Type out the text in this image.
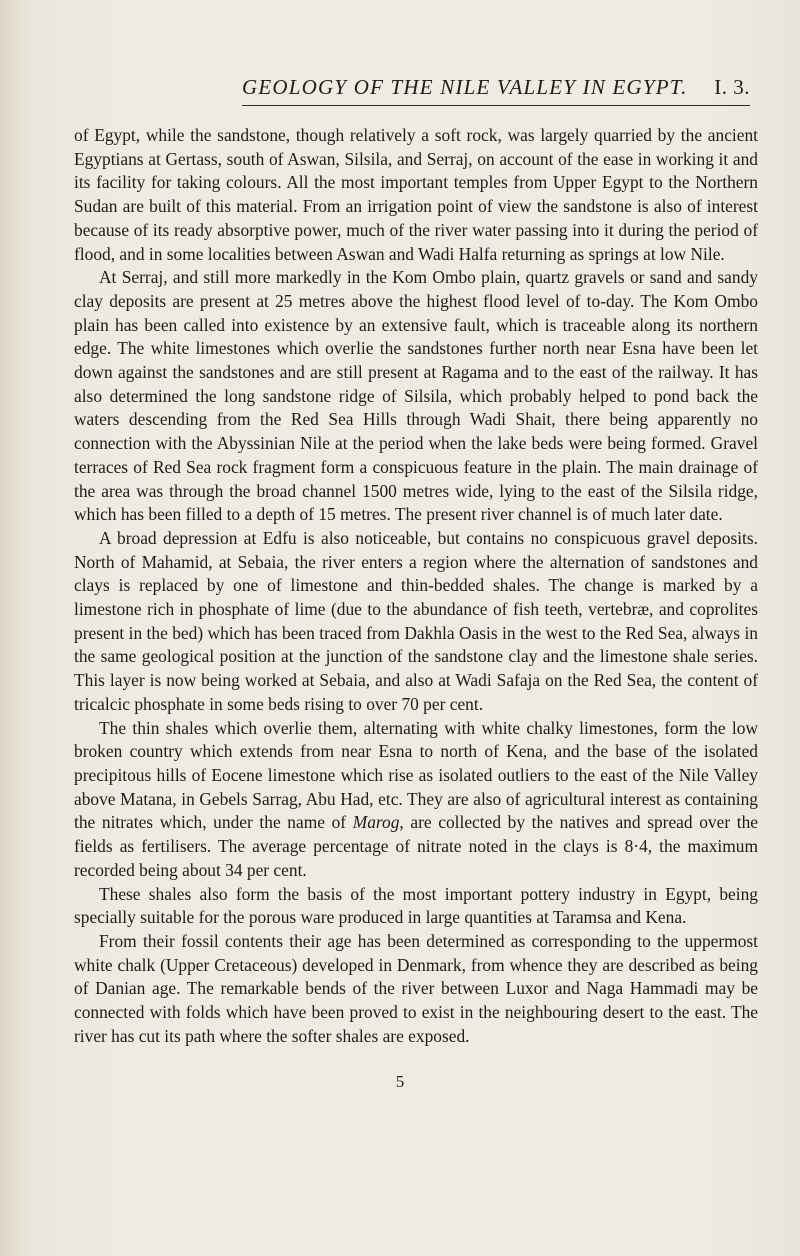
GEOLOGY OF THE NILE VALLEY IN EGYPT. I. 3.

of Egypt, while the sandstone, though relatively a soft rock, was largely quarried by the ancient Egyptians at Gertass, south of Aswan, Silsila, and Serraj, on account of the ease in working it and its facility for taking colours. All the most important temples from Upper Egypt to the Northern Sudan are built of this material. From an irrigation point of view the sandstone is also of interest because of its ready absorptive power, much of the river water passing into it during the period of flood, and in some localities between Aswan and Wadi Halfa returning as springs at low Nile.

At Serraj, and still more markedly in the Kom Ombo plain, quartz gravels or sand and sandy clay deposits are present at 25 metres above the highest flood level of to-day. The Kom Ombo plain has been called into existence by an extensive fault, which is traceable along its northern edge. The white limestones which overlie the sandstones further north near Esna have been let down against the sandstones and are still present at Ragama and to the east of the railway. It has also determined the long sandstone ridge of Silsila, which probably helped to pond back the waters descending from the Red Sea Hills through Wadi Shait, there being apparently no connection with the Abyssinian Nile at the period when the lake beds were being formed. Gravel terraces of Red Sea rock fragment form a conspicuous feature in the plain. The main drainage of the area was through the broad channel 1500 metres wide, lying to the east of the Silsila ridge, which has been filled to a depth of 15 metres. The present river channel is of much later date.

A broad depression at Edfu is also noticeable, but contains no conspicuous gravel deposits. North of Mahamid, at Sebaia, the river enters a region where the alternation of sandstones and clays is replaced by one of limestone and thin-bedded shales. The change is marked by a limestone rich in phosphate of lime (due to the abundance of fish teeth, vertebræ, and coprolites present in the bed) which has been traced from Dakhla Oasis in the west to the Red Sea, always in the same geological position at the junction of the sandstone clay and the limestone shale series. This layer is now being worked at Sebaia, and also at Wadi Safaja on the Red Sea, the content of tricalcic phosphate in some beds rising to over 70 per cent.

The thin shales which overlie them, alternating with white chalky limestones, form the low broken country which extends from near Esna to north of Kena, and the base of the isolated precipitous hills of Eocene limestone which rise as isolated outliers to the east of the Nile Valley above Matana, in Gebels Sarrag, Abu Had, etc. They are also of agricultural interest as containing the nitrates which, under the name of Marog, are collected by the natives and spread over the fields as fertilisers. The average percentage of nitrate noted in the clays is 8·4, the maximum recorded being about 34 per cent.

These shales also form the basis of the most important pottery industry in Egypt, being specially suitable for the porous ware produced in large quantities at Taramsa and Kena.

From their fossil contents their age has been determined as corresponding to the uppermost white chalk (Upper Cretaceous) developed in Denmark, from whence they are described as being of Danian age. The remarkable bends of the river between Luxor and Naga Hammadi may be connected with folds which have been proved to exist in the neighbouring desert to the east. The river has cut its path where the softer shales are exposed.

5
